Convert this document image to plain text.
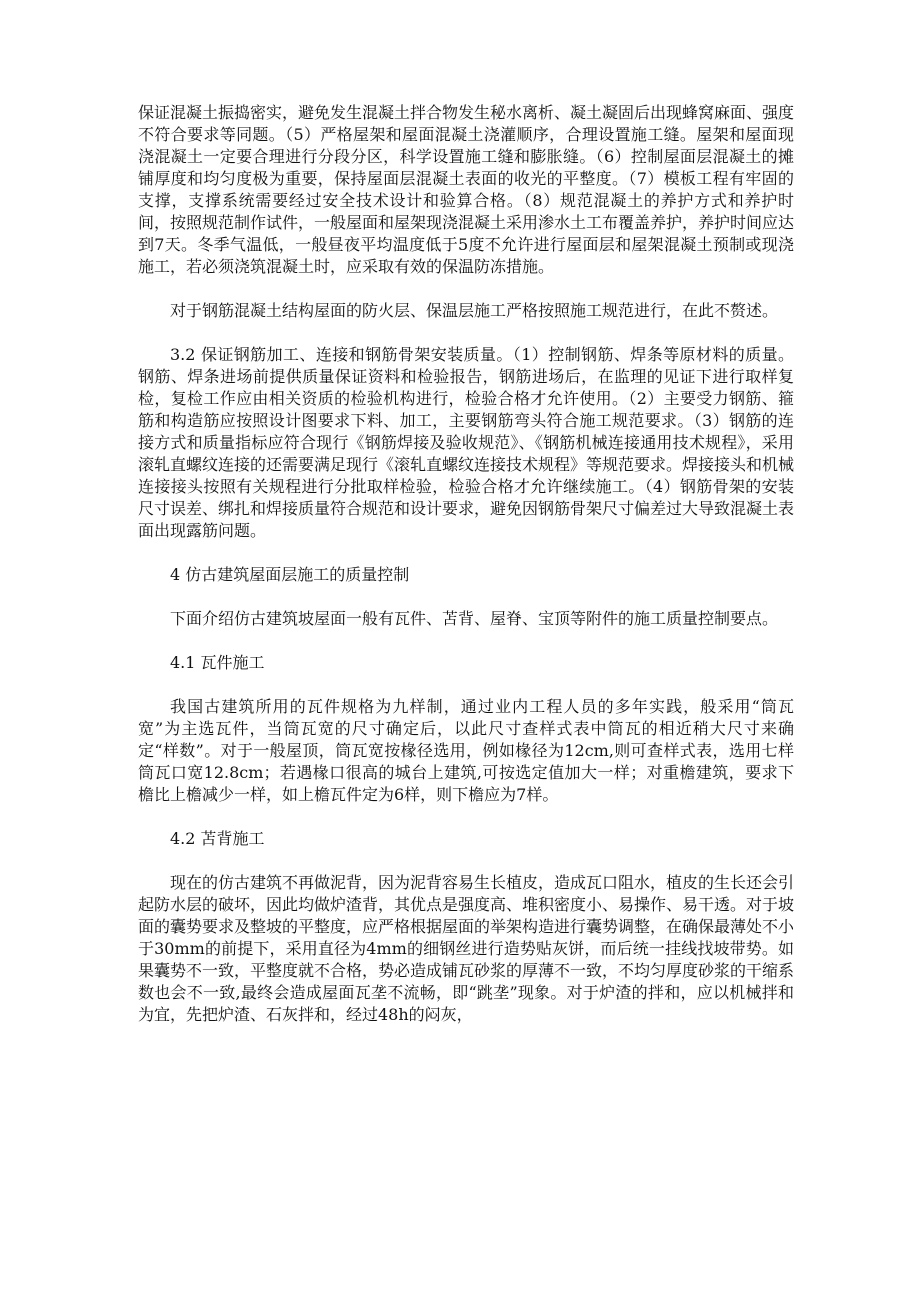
保证混凝土振捣密实，避免发生混凝土拌合物发生秘水离析、凝土凝固后出现蜂窝麻面、强度不符合要求等同题。（5）严格屋架和屋面混凝土浇灌顺序，合理设置施工缝。屋架和屋面现浇混凝土一定要合理进行分段分区，科学设置施工缝和膨胀缝。（6）控制屋面层混凝土的摊铺厚度和均匀度极为重要，保持屋面层混凝土表面的收光的平整度。（7）模板工程有牢固的支撑，支撑系统需要经过安全技术设计和验算合格。（8）规范混凝土的养护方式和养护时间，按照规范制作试件，一般屋面和屋架现浇混凝土采用渗水土工布覆盖养护，养护时间应达到7天。冬季气温低，一般昼夜平均温度低于5度不允许进行屋面层和屋架混凝土预制或现浇施工，若必须浇筑混凝土时，应采取有效的保温防冻措施。

对于钢筋混凝土结构屋面的防火层、保温层施工严格按照施工规范进行，在此不赘述。

3.2 保证钢筋加工、连接和钢筋骨架安装质量。（1）控制钢筋、焊条等原材料的质量。钢筋、焊条进场前提供质量保证资料和检验报告，钢筋进场后，在监理的见证下进行取样复检，复检工作应由相关资质的检验机构进行，检验合格才允许使用。（2）主要受力钢筋、箍筋和构造筋应按照设计图要求下料、加工，主要钢筋弯头符合施工规范要求。（3）钢筋的连接方式和质量指标应符合现行《钢筋焊接及验收规范》、《钢筋机械连接通用技术规程》，采用滚轧直螺纹连接的还需要满足现行《滚轧直螺纹连接技术规程》等规范要求。焊接接头和机械连接接头按照有关规程进行分批取样检验，检验合格才允许继续施工。（4）钢筋骨架的安装尺寸误差、绑扎和焊接质量符合规范和设计要求，避免因钢筋骨架尺寸偏差过大导致混凝土表面出现露筋问题。

4 仿古建筑屋面层施工的质量控制

下面介绍仿古建筑坡屋面一般有瓦件、苫背、屋脊、宝顶等附件的施工质量控制要点。

4.1 瓦件施工

我国古建筑所用的瓦件规格为九样制，通过业内工程人员的多年实践，般采用“筒瓦宽”为主选瓦件，当筒瓦宽的尺寸确定后，以此尺寸查样式表中筒瓦的相近稍大尺寸来确定“样数”。对于一般屋顶，筒瓦宽按椽径选用，例如椽径为12cm,则可查样式表，选用七样筒瓦口宽12.8cm；若遇椽口很高的城台上建筑,可按选定值加大一样；对重檐建筑，要求下檐比上檐减少一样，如上檐瓦件定为6样，则下檐应为7样。

4.2 苫背施工

现在的仿古建筑不再做泥背，因为泥背容易生长植皮，造成瓦口阻水，植皮的生长还会引起防水层的破坏，因此均做炉渣背，其优点是强度高、堆积密度小、易操作、易干透。对于坡面的囊势要求及整坡的平整度，应严格根据屋面的举架构造进行囊势调整，在确保最薄处不小于30mm的前提下，采用直径为4mm的细钢丝进行造势贴灰饼，而后统一挂线找坡带势。如果囊势不一致，平整度就不合格，势必造成铺瓦砂浆的厚薄不一致，不均匀厚度砂浆的干缩系数也会不一致,最终会造成屋面瓦垄不流畅，即“跳垄”现象。对于炉渣的拌和，应以机械拌和为宜，先把炉渣、石灰拌和，经过48h的闷灰，
